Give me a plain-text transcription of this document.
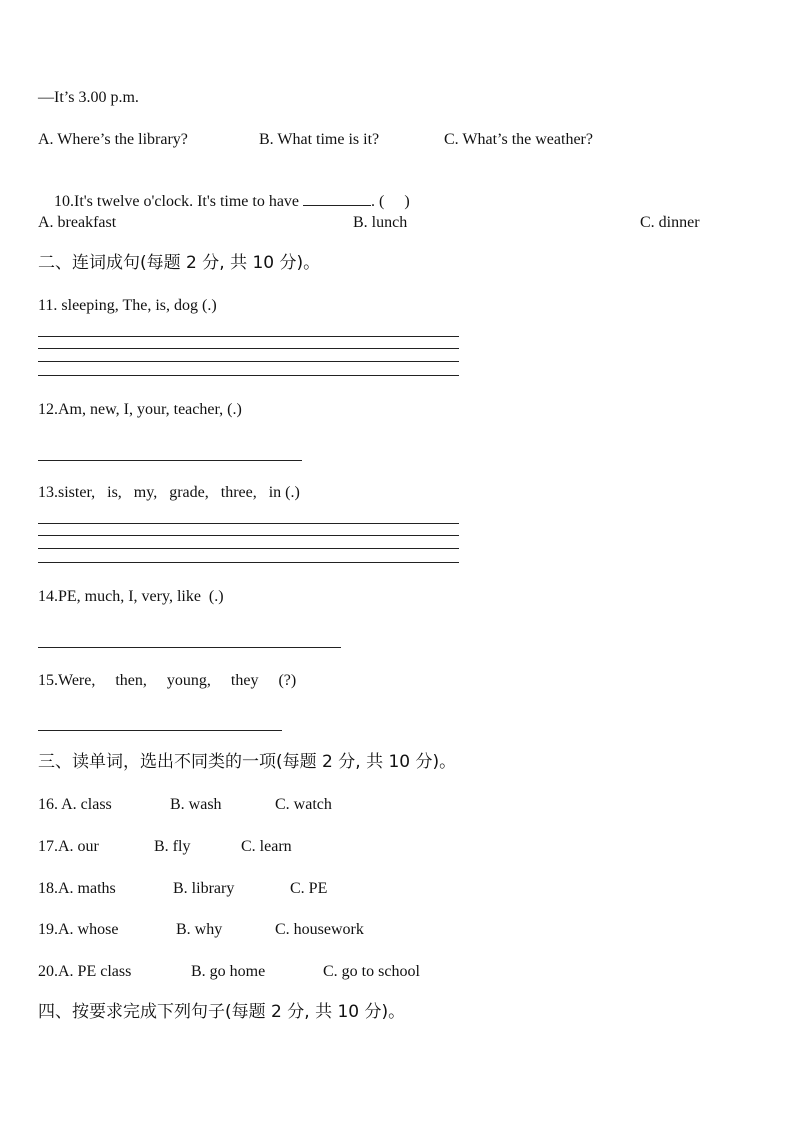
—It’s 3.00 p.m.
A. Where’s the library?	B. What time is it?	C. What’s the weather?

10.It's twelve o'clock. It's time to have	. (     )

A. breakfast	B. lunch	C. dinner
二、连词成句(每题 2 分, 共 10 分)。
11. sleeping, The, is, dog (.)
12.Am, new, I, your, teacher, (.)
13.sister,   is,   my,   grade,   three,   in (.)
14.PE, much, I, very, like  (.)
15.Were,     then,     young,     they     (?)
三、读单词，选出不同类的一项(每题 2 分, 共 10 分)。
16. A. class	B. wash	C. watch
17.A. our	B. fly	C. learn
18.A. maths	B. library	C. PE
19.A. whose	B. why	C. housework
20.A. PE class	B. go home	C. go to school
四、按要求完成下列句子(每题 2 分, 共 10 分)。
